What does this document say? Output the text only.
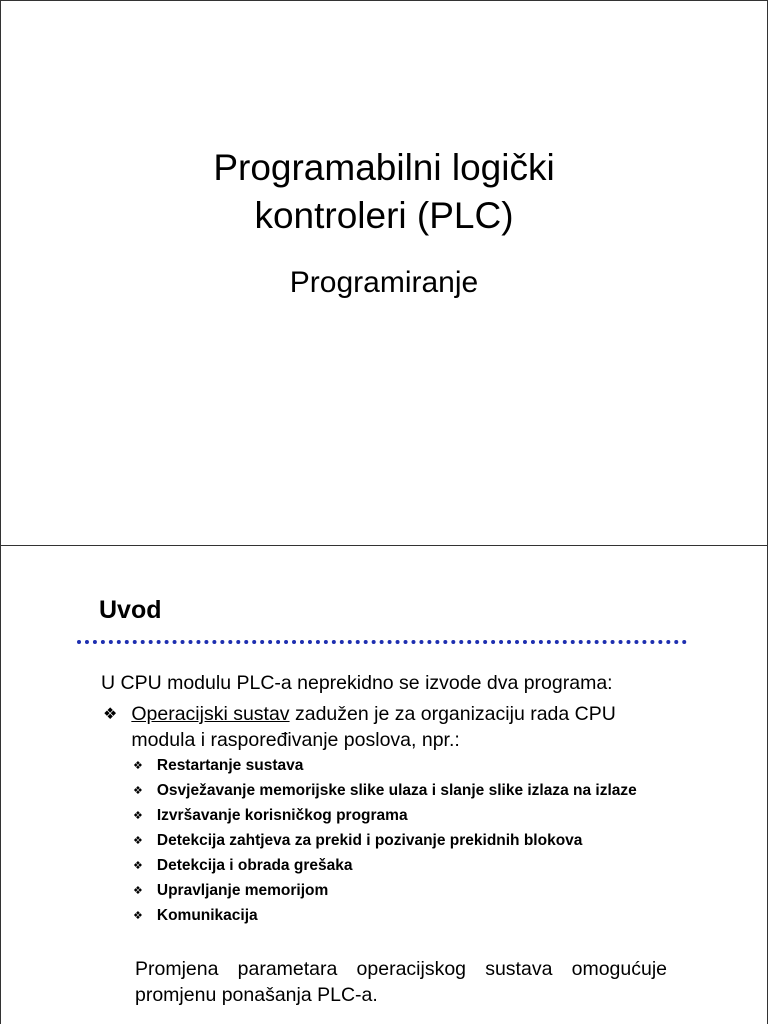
Programabilni logički
kontroleri (PLC)
Programiranje
Uvod

U CPU modulu PLC-a neprekidno se izvode dva programa:

❖ Operacijski sustav zadužen je za organizaciju rada CPU modula i raspoređivanje poslova, npr.:
❖ Restartanje sustava
❖ Osvježavanje memorijske slike ulaza i slanje slike izlaza na izlaze
❖ Izvršavanje korisničkog programa
❖ Detekcija zahtjeva za prekid i pozivanje prekidnih blokova
❖ Detekcija i obrada grešaka
❖ Upravljanje memorijom
❖ Komunikacija

Promjena parametara operacijskog sustava omogućuje promjenu ponašanja PLC-a.
